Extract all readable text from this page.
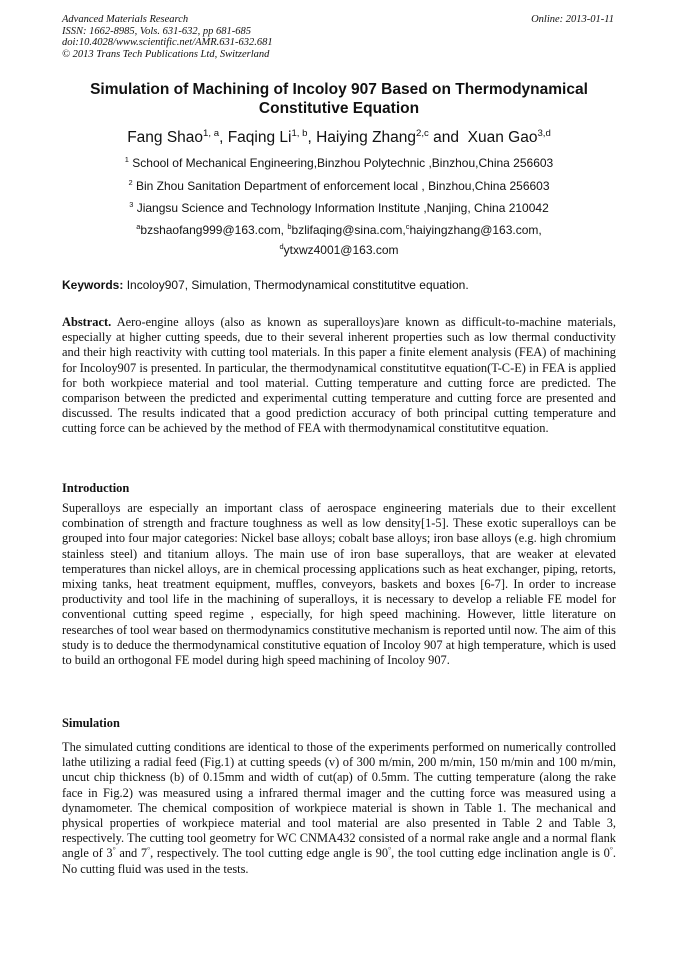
Advanced Materials Research
ISSN: 1662-8985, Vols. 631-632, pp 681-685
doi:10.4028/www.scientific.net/AMR.631-632.681
© 2013 Trans Tech Publications Ltd, Switzerland
Online: 2013-01-11
Simulation of Machining of Incoloy 907 Based on Thermodynamical
Constitutive Equation
Fang Shao$^{1, a}$, Faqing Li$^{1, b}$, Haiying Zhang$^{2,c}$ and  Xuan Gao$^{3,d}$
$^1$ School of Mechanical Engineering,Binzhou Polytechnic ,Binzhou,China 256603
$^2$ Bin Zhou Sanitation Department of enforcement local , Binzhou,China 256603
$^3$ Jiangsu Science and Technology Information Institute ,Nanjing, China 210042
$^a$bzshaofang999@163.com, $^b$bzlifaqing@sina.com,$^c$haiyingzhang@163.com,
$^d$ytxwz4001@163.com
Keywords: Incoloy907, Simulation, Thermodynamical constitutitve equation.
Abstract. Aero-engine alloys (also as known as superalloys)are known as difficult-to-machine materials, especially at higher cutting speeds, due to their several inherent properties such as low thermal conductivity and their high reactivity with cutting tool materials. In this paper a finite element analysis (FEA) of machining for Incoloy907 is presented. In particular, the thermodynamical constitutitve equation(T-C-E) in FEA is applied for both workpiece material and tool material. Cutting temperature and cutting force are predicted. The comparison between the predicted and experimental cutting temperature and cutting force are presented and discussed. The results indicated that a good prediction accuracy of both principal cutting temperature and cutting force can be achieved by the method of FEA with thermodynamical constitutitve equation.
Introduction
Superalloys are especially an important class of aerospace engineering materials due to their excellent combination of strength and fracture toughness as well as low density[1-5]. These exotic superalloys can be grouped into four major categories: Nickel base alloys; cobalt base alloys; iron base alloys (e.g. high chromium stainless steel) and titanium alloys. The main use of iron base superalloys, that are weaker at elevated temperatures than nickel alloys, are in chemical processing applications such as heat exchanger, piping, retorts, mixing tanks, heat treatment equipment, muffles, conveyors, baskets and boxes [6-7]. In order to increase productivity and tool life in the machining of superalloys, it is necessary to develop a reliable FE model for conventional cutting speed regime , especially, for high speed machining. However, little literature on researches of tool wear based on thermodynamics constitutive mechanism is reported until now. The aim of this study is to deduce the thermodynamical constitutive equation of Incoloy 907 at high temperature, which is used to build an orthogonal FE model during high speed machining of Incoloy 907.
Simulation
The simulated cutting conditions are identical to those of the experiments performed on numerically controlled lathe utilizing a radial feed (Fig.1) at cutting speeds (v) of 300 m/min, 200 m/min, 150 m/min and 100 m/min, uncut chip thickness (b) of 0.15mm and width of cut(ap) of 0.5mm. The cutting temperature (along the rake face in Fig.2) was measured using a infrared thermal imager and the cutting force was measured using a dynamometer. The chemical composition of workpiece material is shown in Table 1. The mechanical and physical properties of workpiece material and tool material are also presented in Table 2 and Table 3, respectively. The cutting tool geometry for WC CNMA432 consisted of a normal rake angle and a normal flank angle of 3° and 7°, respectively. The tool cutting edge angle is 90°, the tool cutting edge inclination angle is 0°. No cutting fluid was used in the tests.
